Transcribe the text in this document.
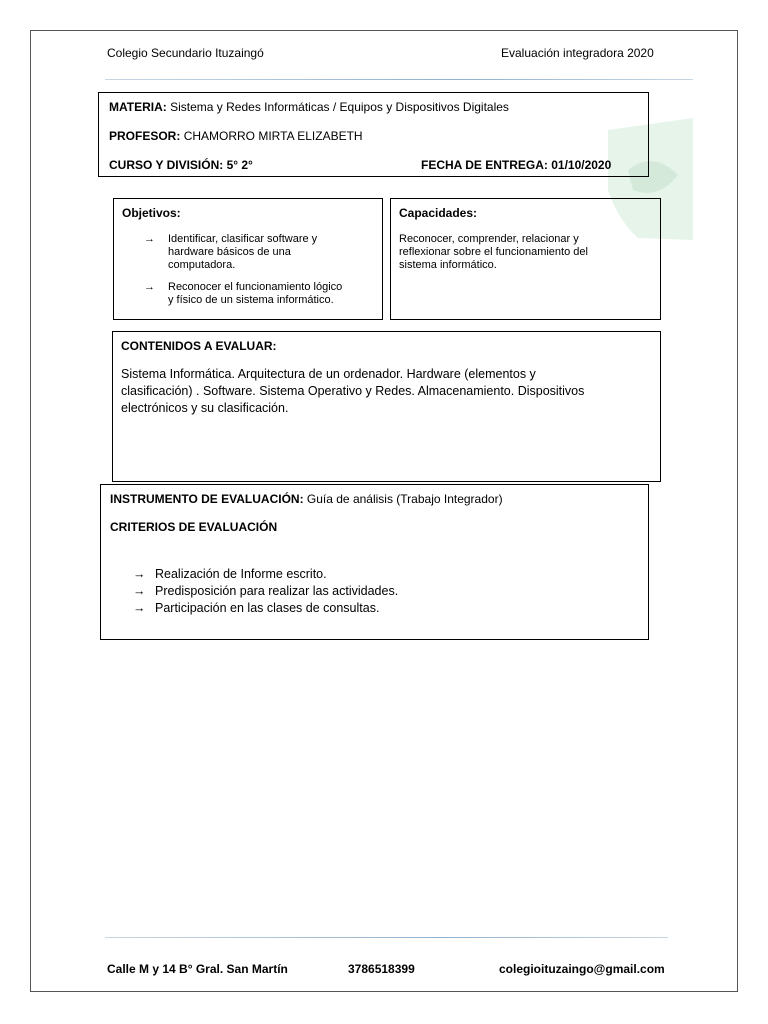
Colegio Secundario Ituzaingó	Evaluación integradora 2020
MATERIA: Sistema y Redes Informáticas / Equipos y Dispositivos Digitales
PROFESOR: CHAMORRO MIRTA ELIZABETH
CURSO Y DIVISIÓN: 5° 2°	FECHA DE ENTREGA: 01/10/2020
Objetivos:
→ Identificar, clasificar software y
hardware básicos de una
computadora.
→ Reconocer el funcionamiento lógico
y físico de un sistema informático.
Capacidades:
Reconocer, comprender, relacionar y
reflexionar sobre el funcionamiento del
sistema informático.
CONTENIDOS A EVALUAR:
Sistema Informática. Arquitectura de un ordenador. Hardware (elementos y
clasificación) . Software. Sistema Operativo y Redes. Almacenamiento. Dispositivos
electrónicos y su clasificación.
INSTRUMENTO DE EVALUACIÓN: Guía de análisis (Trabajo Integrador)
CRITERIOS DE EVALUACIÓN
→ Realización de Informe escrito.
→ Predisposición para realizar las actividades.
→ Participación en las clases de consultas.
Calle M y 14 B° Gral. San Martín	3786518399	colegioituzaingo@gmail.com
